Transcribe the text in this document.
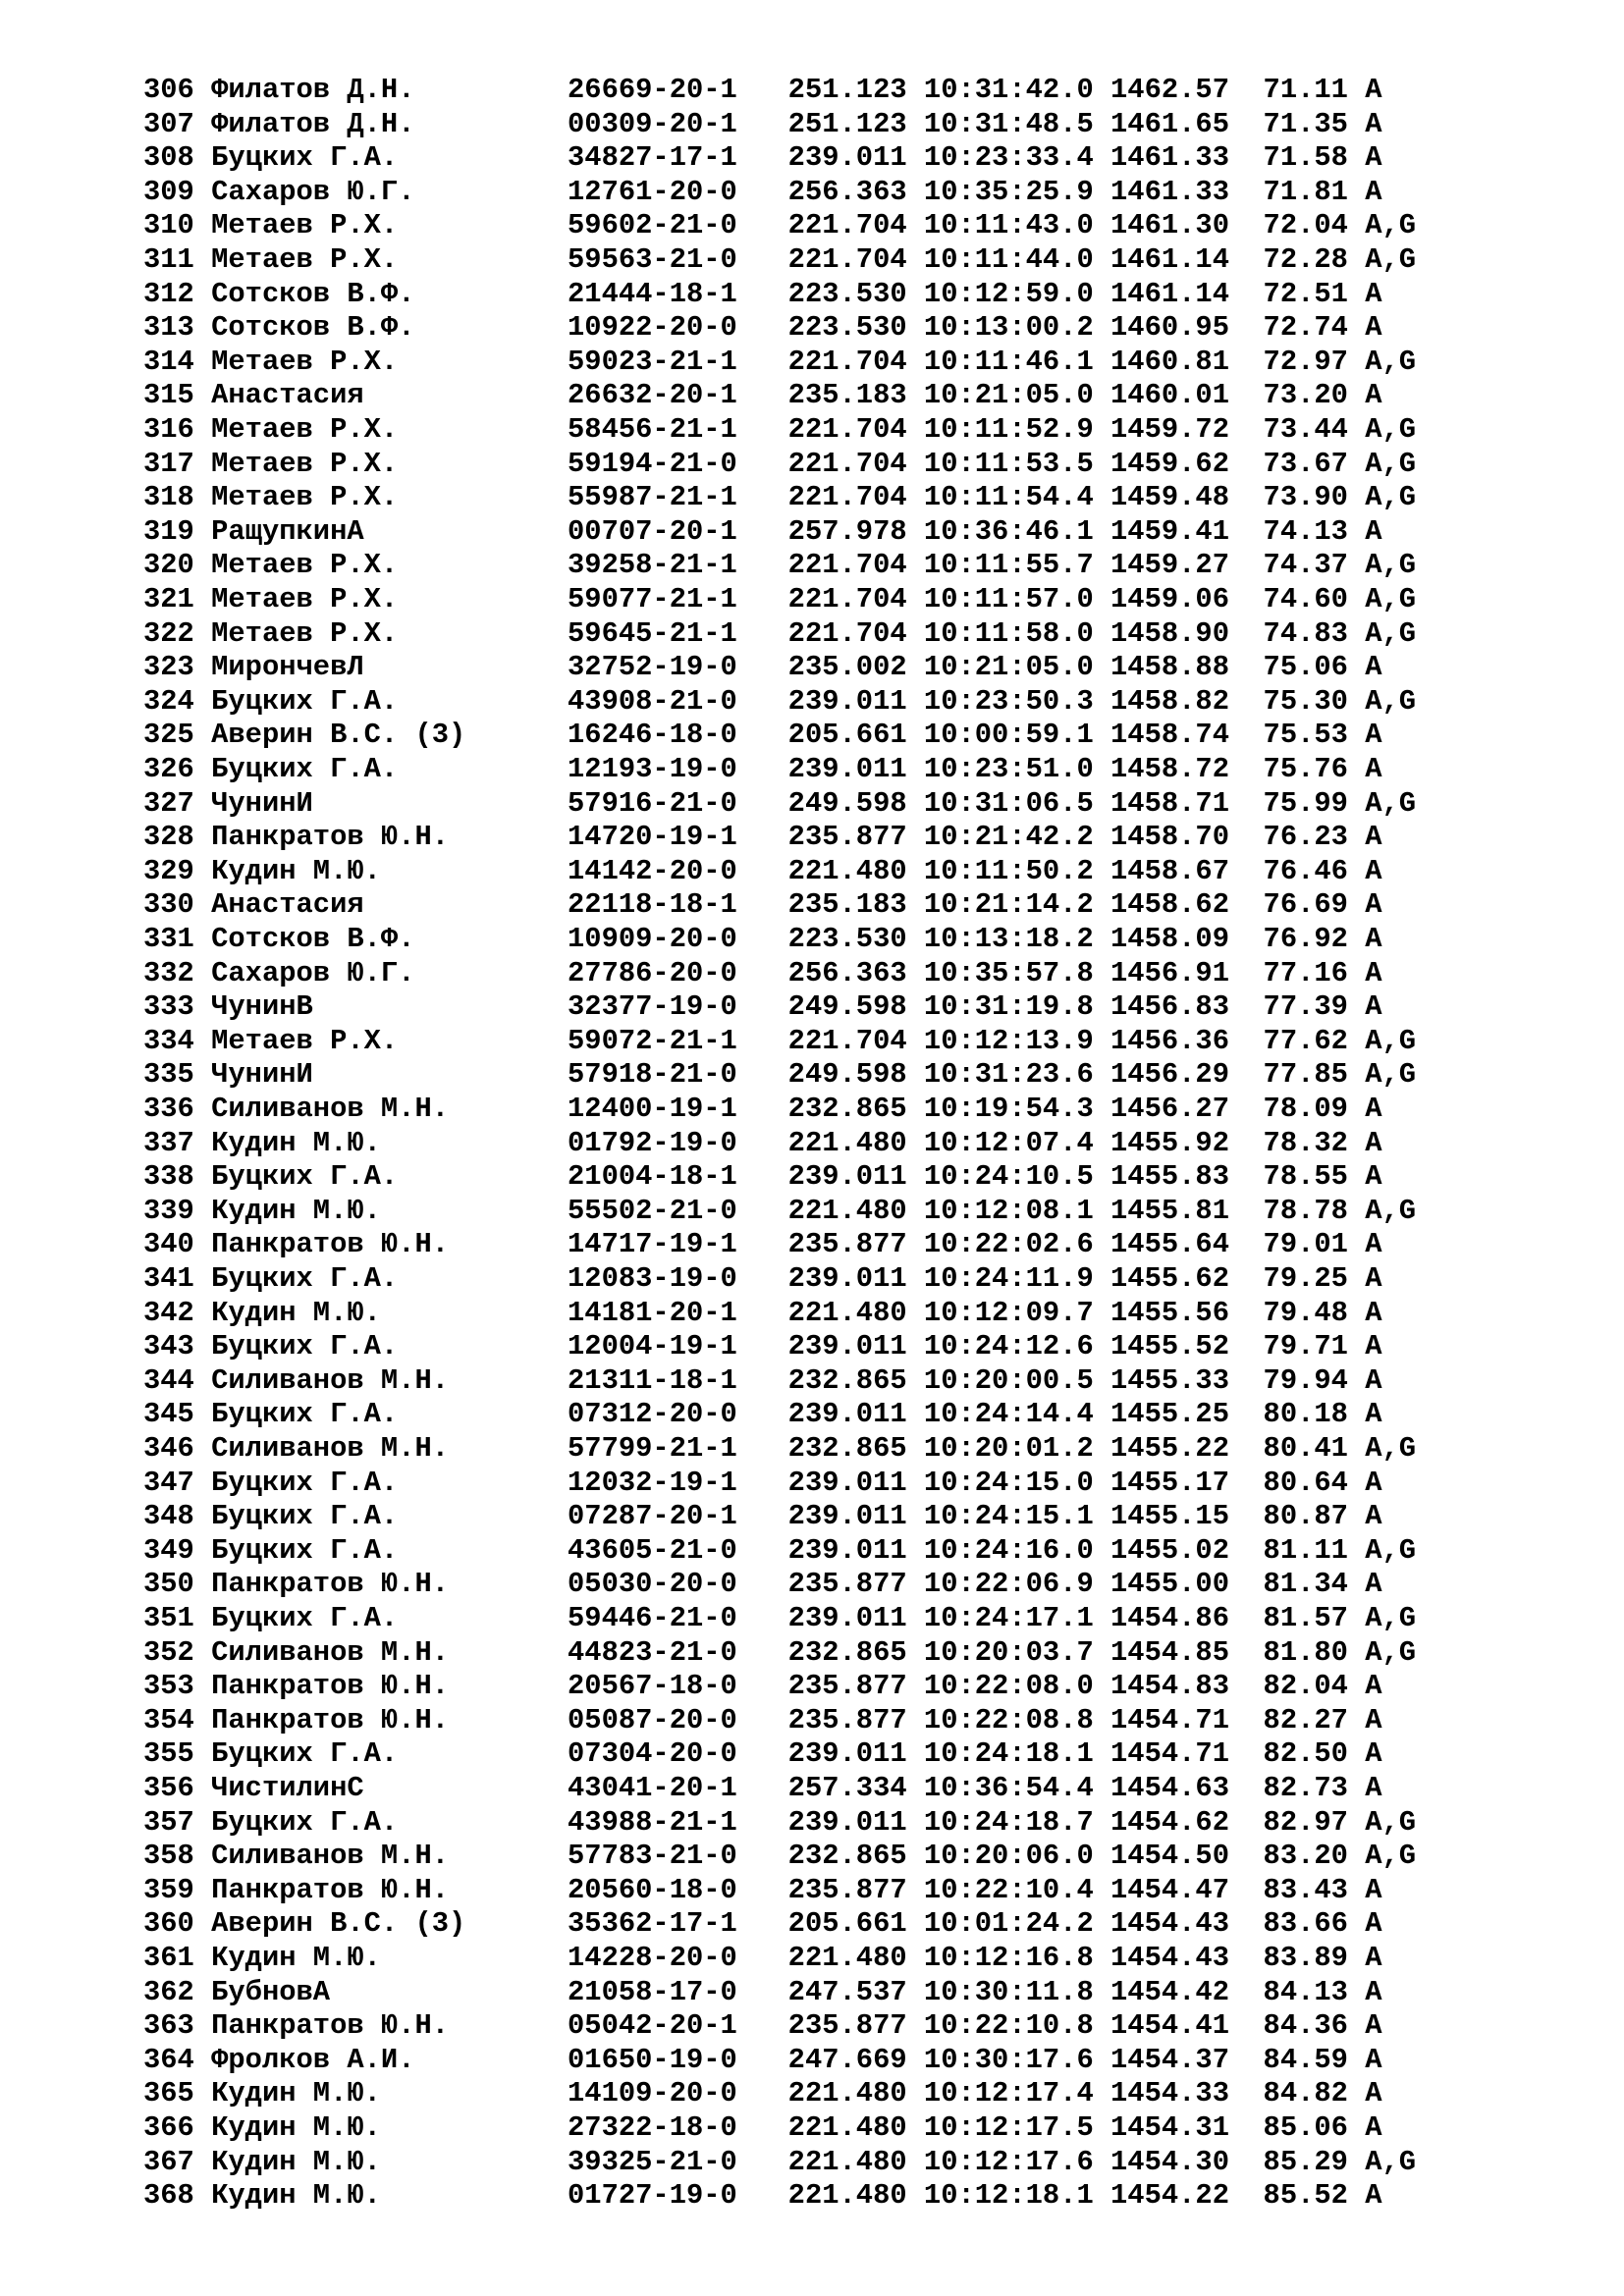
306 Филатов Д.Н.         26669-20-1   251.123 10:31:42.0 1462.57  71.11 A
307 Филатов Д.Н.         00309-20-1   251.123 10:31:48.5 1461.65  71.35 A
308 Буцких Г.А.          34827-17-1   239.011 10:23:33.4 1461.33  71.58 A
309 Сахаров Ю.Г.         12761-20-0   256.363 10:35:25.9 1461.33  71.81 A
310 Метаев Р.Х.          59602-21-0   221.704 10:11:43.0 1461.30  72.04 A,G
311 Метаев Р.Х.          59563-21-0   221.704 10:11:44.0 1461.14  72.28 A,G
312 Сотсков В.Ф.         21444-18-1   223.530 10:12:59.0 1461.14  72.51 A
313 Сотсков В.Ф.         10922-20-0   223.530 10:13:00.2 1460.95  72.74 A
314 Метаев Р.Х.          59023-21-1   221.704 10:11:46.1 1460.81  72.97 A,G
315 Анастасия            26632-20-1   235.183 10:21:05.0 1460.01  73.20 A
316 Метаев Р.Х.          58456-21-1   221.704 10:11:52.9 1459.72  73.44 A,G
317 Метаев Р.Х.          59194-21-0   221.704 10:11:53.5 1459.62  73.67 A,G
318 Метаев Р.Х.          55987-21-1   221.704 10:11:54.4 1459.48  73.90 A,G
319 РащупкинА            00707-20-1   257.978 10:36:46.1 1459.41  74.13 A
320 Метаев Р.Х.          39258-21-1   221.704 10:11:55.7 1459.27  74.37 A,G
321 Метаев Р.Х.          59077-21-1   221.704 10:11:57.0 1459.06  74.60 A,G
322 Метаев Р.Х.          59645-21-1   221.704 10:11:58.0 1458.90  74.83 A,G
323 МирончевЛ            32752-19-0   235.002 10:21:05.0 1458.88  75.06 A
324 Буцких Г.А.          43908-21-0   239.011 10:23:50.3 1458.82  75.30 A,G
325 Аверин В.С. (3)      16246-18-0   205.661 10:00:59.1 1458.74  75.53 A
326 Буцких Г.А.          12193-19-0   239.011 10:23:51.0 1458.72  75.76 A
327 ЧунинИ               57916-21-0   249.598 10:31:06.5 1458.71  75.99 A,G
328 Панкратов Ю.Н.       14720-19-1   235.877 10:21:42.2 1458.70  76.23 A
329 Кудин М.Ю.           14142-20-0   221.480 10:11:50.2 1458.67  76.46 A
330 Анастасия            22118-18-1   235.183 10:21:14.2 1458.62  76.69 A
331 Сотсков В.Ф.         10909-20-0   223.530 10:13:18.2 1458.09  76.92 A
332 Сахаров Ю.Г.         27786-20-0   256.363 10:35:57.8 1456.91  77.16 A
333 ЧунинВ               32377-19-0   249.598 10:31:19.8 1456.83  77.39 A
334 Метаев Р.Х.          59072-21-1   221.704 10:12:13.9 1456.36  77.62 A,G
335 ЧунинИ               57918-21-0   249.598 10:31:23.6 1456.29  77.85 A,G
336 Силиванов М.Н.       12400-19-1   232.865 10:19:54.3 1456.27  78.09 A
337 Кудин М.Ю.           01792-19-0   221.480 10:12:07.4 1455.92  78.32 A
338 Буцких Г.А.          21004-18-1   239.011 10:24:10.5 1455.83  78.55 A
339 Кудин М.Ю.           55502-21-0   221.480 10:12:08.1 1455.81  78.78 A,G
340 Панкратов Ю.Н.       14717-19-1   235.877 10:22:02.6 1455.64  79.01 A
341 Буцких Г.А.          12083-19-0   239.011 10:24:11.9 1455.62  79.25 A
342 Кудин М.Ю.           14181-20-1   221.480 10:12:09.7 1455.56  79.48 A
343 Буцких Г.А.          12004-19-1   239.011 10:24:12.6 1455.52  79.71 A
344 Силиванов М.Н.       21311-18-1   232.865 10:20:00.5 1455.33  79.94 A
345 Буцких Г.А.          07312-20-0   239.011 10:24:14.4 1455.25  80.18 A
346 Силиванов М.Н.       57799-21-1   232.865 10:20:01.2 1455.22  80.41 A,G
347 Буцких Г.А.          12032-19-1   239.011 10:24:15.0 1455.17  80.64 A
348 Буцких Г.А.          07287-20-1   239.011 10:24:15.1 1455.15  80.87 A
349 Буцких Г.А.          43605-21-0   239.011 10:24:16.0 1455.02  81.11 A,G
350 Панкратов Ю.Н.       05030-20-0   235.877 10:22:06.9 1455.00  81.34 A
351 Буцких Г.А.          59446-21-0   239.011 10:24:17.1 1454.86  81.57 A,G
352 Силиванов М.Н.       44823-21-0   232.865 10:20:03.7 1454.85  81.80 A,G
353 Панкратов Ю.Н.       20567-18-0   235.877 10:22:08.0 1454.83  82.04 A
354 Панкратов Ю.Н.       05087-20-0   235.877 10:22:08.8 1454.71  82.27 A
355 Буцких Г.А.          07304-20-0   239.011 10:24:18.1 1454.71  82.50 A
356 ЧистилинС            43041-20-1   257.334 10:36:54.4 1454.63  82.73 A
357 Буцких Г.А.          43988-21-1   239.011 10:24:18.7 1454.62  82.97 A,G
358 Силиванов М.Н.       57783-21-0   232.865 10:20:06.0 1454.50  83.20 A,G
359 Панкратов Ю.Н.       20560-18-0   235.877 10:22:10.4 1454.47  83.43 A
360 Аверин В.С. (3)      35362-17-1   205.661 10:01:24.2 1454.43  83.66 A
361 Кудин М.Ю.           14228-20-0   221.480 10:12:16.8 1454.43  83.89 A
362 БубновА              21058-17-0   247.537 10:30:11.8 1454.42  84.13 A
363 Панкратов Ю.Н.       05042-20-1   235.877 10:22:10.8 1454.41  84.36 A
364 Фролков А.И.         01650-19-0   247.669 10:30:17.6 1454.37  84.59 A
365 Кудин М.Ю.           14109-20-0   221.480 10:12:17.4 1454.33  84.82 A
366 Кудин М.Ю.           27322-18-0   221.480 10:12:17.5 1454.31  85.06 A
367 Кудин М.Ю.           39325-21-0   221.480 10:12:17.6 1454.30  85.29 A,G
368 Кудин М.Ю.           01727-19-0   221.480 10:12:18.1 1454.22  85.52 A
